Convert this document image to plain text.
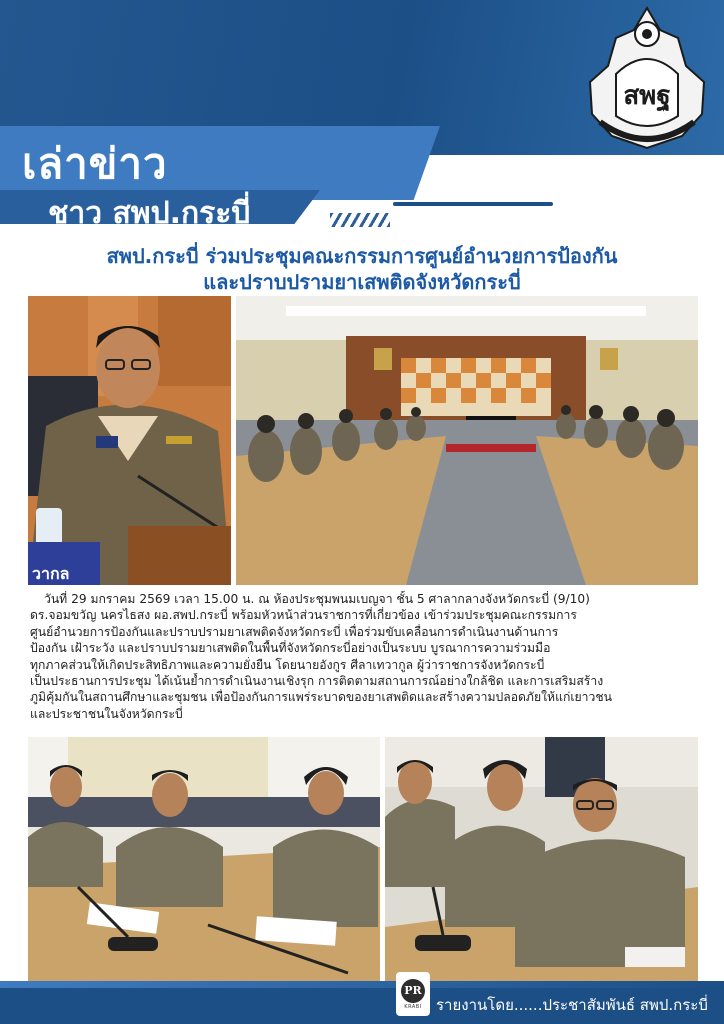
เล่าข่าว
ชาว สพป.กระบี่
สพฐ
สพป.กระบี่ ร่วมประชุมคณะกรรมการศูนย์อำนวยการป้องกัน
และปราบปรามยาเสพติดจังหวัดกระบี่
วากล
วันที่ 29 มกราคม 2569 เวลา 15.00 น. ณ ห้องประชุมพนมเบญจา ชั้น 5 ศาลากลางจังหวัดกระบี่ (9/10)
ดร.จอมขวัญ นครไธสง ผอ.สพป.กระบี่ พร้อมหัวหน้าส่วนราชการที่เกี่ยวข้อง เข้าร่วมประชุมคณะกรรมการ
ศูนย์อำนวยการป้องกันและปราบปรามยาเสพติดจังหวัดกระบี่ เพื่อร่วมขับเคลื่อนการดำเนินงานด้านการ
ป้องกัน เฝ้าระวัง และปราบปรามยาเสพติดในพื้นที่จังหวัดกระบี่อย่างเป็นระบบ บูรณาการความร่วมมือ
ทุกภาคส่วนให้เกิดประสิทธิภาพและความยั่งยืน โดยนายอังกูร ศีลาเทวากูล ผู้ว่าราชการจังหวัดกระบี่
เป็นประธานการประชุม ได้เน้นย้ำการดำเนินงานเชิงรุก การติดตามสถานการณ์อย่างใกล้ชิด และการเสริมสร้าง
ภูมิคุ้มกันในสถานศึกษาและชุมชน เพื่อป้องกันการแพร่ระบาดของยาเสพติดและสร้างความปลอดภัยให้แก่เยาวชน
และประชาชนในจังหวัดกระบี่
PR
KRABI รายงานโดย......ประชาสัมพันธ์ สพป.กระบี่
